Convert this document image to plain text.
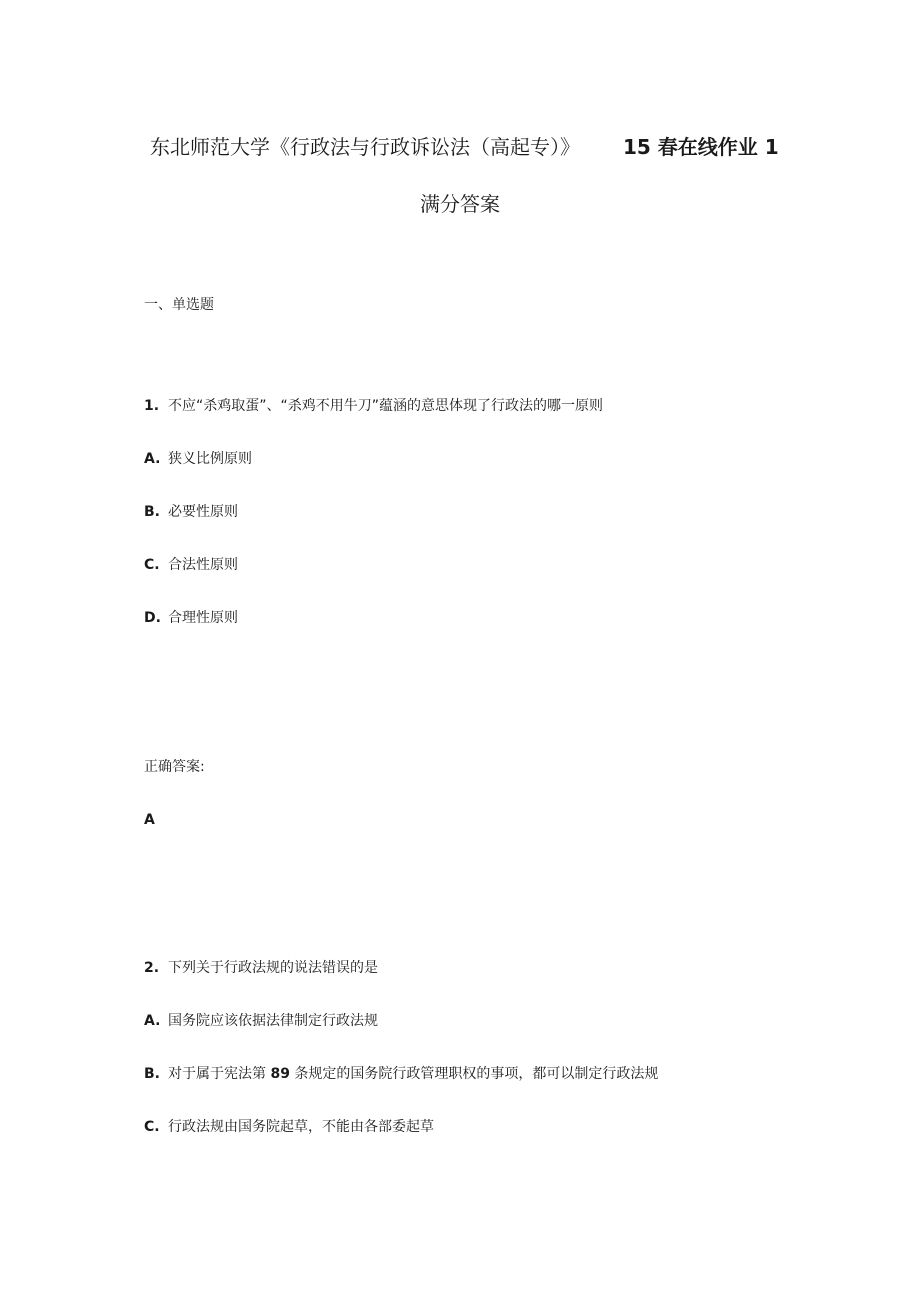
东北师范大学《行政法与行政诉讼法（高起专）》 15 春在线作业 1
满分答案
一、单选题
1. 不应“杀鸡取蛋”、“杀鸡不用牛刀”蕴涵的意思体现了行政法的哪一原则
A. 狭义比例原则
B. 必要性原则
C. 合法性原则
D. 合理性原则
正确答案:
A
2. 下列关于行政法规的说法错误的是
A. 国务院应该依据法律制定行政法规
B. 对于属于宪法第 89 条规定的国务院行政管理职权的事项，都可以制定行政法规
C. 行政法规由国务院起草，不能由各部委起草
